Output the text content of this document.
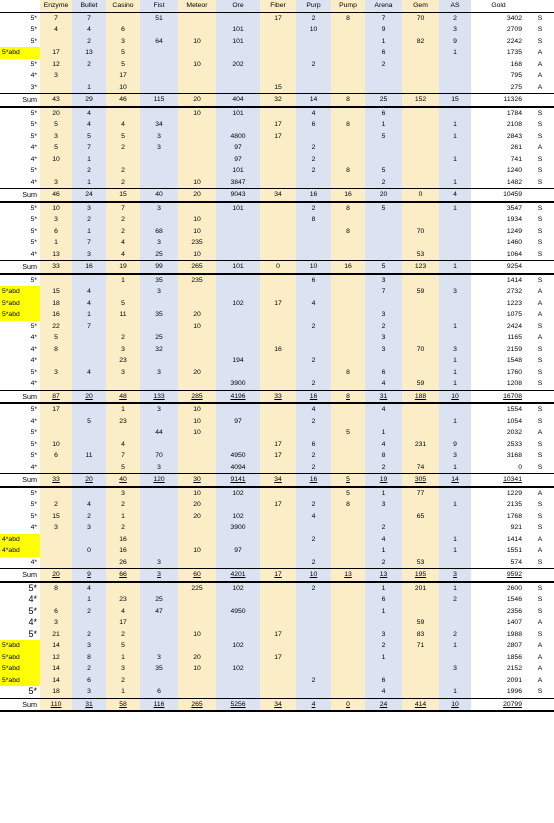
	Enzyme	Bullet	Casino	Fist	Meteor	Ore	Fiber	Purp	Pump	Arena	Gem	AS	Gold	
5*	7	7		51			17	2	8	7	70	2	3402	S
5*	4	4	6			101		10		9		3	2709	S
5*		2	3	64	10	101				1	82	9	2242	S
5*abd	17	13	5							6		1	1735	A
5*	12	2	5		10	202		2		2			168	A
4*	3		17										795	A
3*		1	10				15						275	A
Sum	43	29	46	115	20	404	32	14	8	25	152	15	11326	
5*	20	4			10	101		4		6			1784	S
5*	5	4	4	34			17	6	8	1		1	2108	S
5*	3	5	5	3		4800	17			5		1	2843	S
4*	5	7	2	3		97		2					261	A
4*	10	1				97		2				1	741	S
5*		2	2			101		2	8	5			1240	S
4*	3	1	2		10	3847				2		1	1482	S
Sum	46	24	15	40	20	9043	34	16	16	20	0	4	10459	
5*	10	3	7	3		101		2	8	5		1	3547	S
5*	3	2	2		10			8					1934	S
5*	6	1	2	68	10				8		70		1249	S
5*	1	7	4	3	235								1460	S
4*	13	3	4	25	10						53		1064	S
Sum	33	16	19	99	265	101	0	10	16	5	123	1	9254	
5*			1	35	235			6		3			1414	S
5*abd	15	4		3						7	59	3	2732	A
5*abd	18	4	5			102	17	4					1223	A
5*abd	16	1	11	35	20					3			1075	A
5*	22	7			10			2		2		1	2424	S
4*	5		2	25						3			1165	A
4*	8		3	32			16			3	70	3	2159	S
4*			23			194		2				1	1548	S
5*	3	4	3	3	20				8	6		1	1760	S
4*						3900		2		4	59	1	1208	S
Sum	87	20	48	133	285	4196	33	16	8	31	188	10	16708	
5*	17		1	3	10			4		4			1554	S
4*		5	23		10	97		2				1	1054	S
5*				44	10				5	1			2032	A
5*	10		4				17	6		4	231	9	2533	S
5*	6	11	7	70		4950	17	2		8		3	3168	S
4*			5	3		4094		2		2	74	1	0	S
Sum	33	20	40	120	30	9141	34	16	5	19	305	14	10341	
5*			3		10	102			5	1	77		1229	A
5*	2	4	2		20		17	2	8	3		1	2135	S
5*	15	2	1		20	102		4			65		1768	S
4*	3	3	2			3900				2			921	S
4*abd			16					2		4		1	1414	A
4*abd		0	16		10	97				1		1	1551	A
4*			26	3				2		2	53		574	S
Sum	20	9	66	3	60	4201	17	10	13	13	195	3	9592	
5*	8	4			225	102		2		1	201	1	2600	S
4*		1	23	25						6		2	1546	S
5*	6	2	4	47		4950				1			2356	S
4*	3		17								59		1407	A
5*	21	2	2		10		17			3	83	2	1988	S
5*abd	14	3	5			102				2	71	1	2807	A
5*abd	12	8	1	3	20		17			1			1856	A
5*abd	14	2	3	35	10	102						3	2152	A
5*abd	14	6	2					2		6			2091	A
5*	18	3	1	6						4		1	1996	S
Sum	110	31	58	116	265	5256	34	4	0	24	414	10	20799	
